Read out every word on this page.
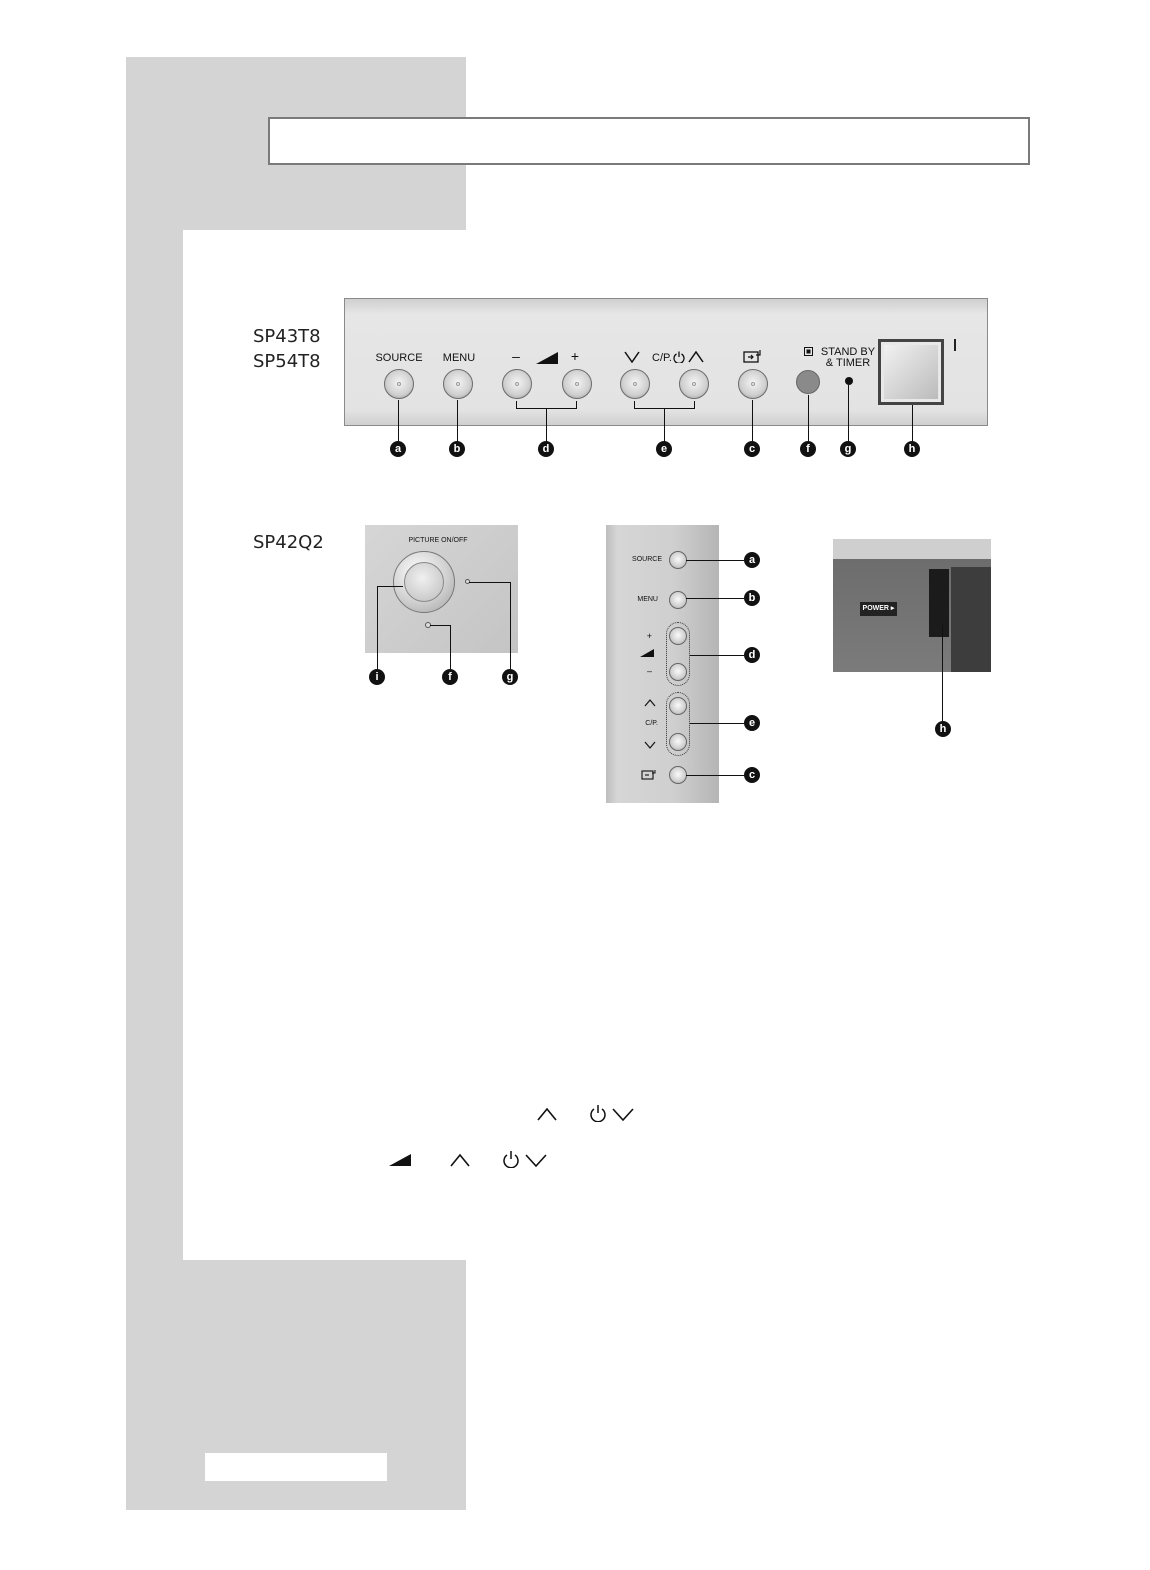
SP43T8
SP54T8
SP42Q2
SOURCE	MENU	–	+	C/P.	STAND BY
& TIMER
a	b	d	e	c	f	g	h
PICTURE ON/OFF
i	f	g
SOURCE
MENU
+
–
C/P.
a
b
d
e
c
POWER ▸
h
